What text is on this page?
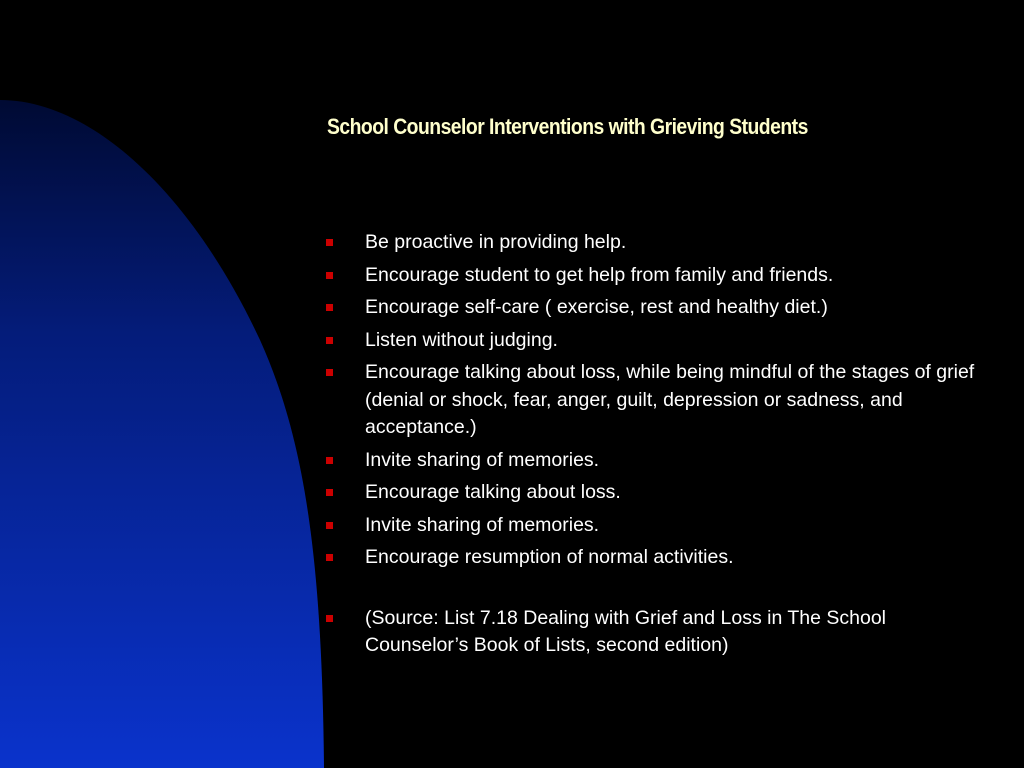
School Counselor Interventions with Grieving Students
Be proactive in providing help.
Encourage student to get help from family and friends.
Encourage self-care ( exercise, rest and healthy diet.)
Listen without judging.
Encourage talking about loss, while being mindful of the stages of grief (denial or shock, fear, anger, guilt, depression or sadness, and acceptance.)
Invite sharing of memories.
Encourage talking about loss.
Invite sharing of memories.
Encourage resumption of normal activities.
(Source: List 7.18 Dealing with Grief and Loss in The School Counselor’s Book of Lists, second edition)
